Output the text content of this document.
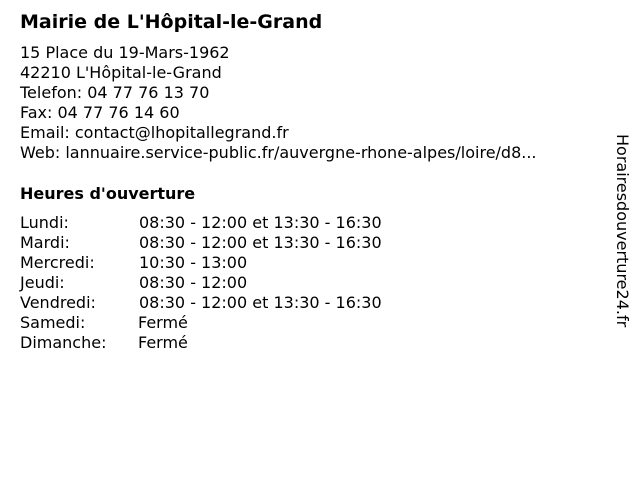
Mairie de L'Hôpital-le-Grand
15 Place du 19-Mars-1962
42210 L'Hôpital-le-Grand
Telefon: 04 77 76 13 70
Fax: 04 77 76 14 60
Email: contact@lhopitallegrand.fr
Web: lannuaire.service-public.fr/auvergne-rhone-alpes/loire/d8...
Heures d'ouverture
Lundi:	08:30 - 12:00 et 13:30 - 16:30
Mardi:	08:30 - 12:00 et 13:30 - 16:30
Mercredi:	10:30 - 13:00
Jeudi:	08:30 - 12:00
Vendredi:	08:30 - 12:00 et 13:30 - 16:30
Samedi:	Fermé
Dimanche: Fermé
Horairesdouverture24.fr
